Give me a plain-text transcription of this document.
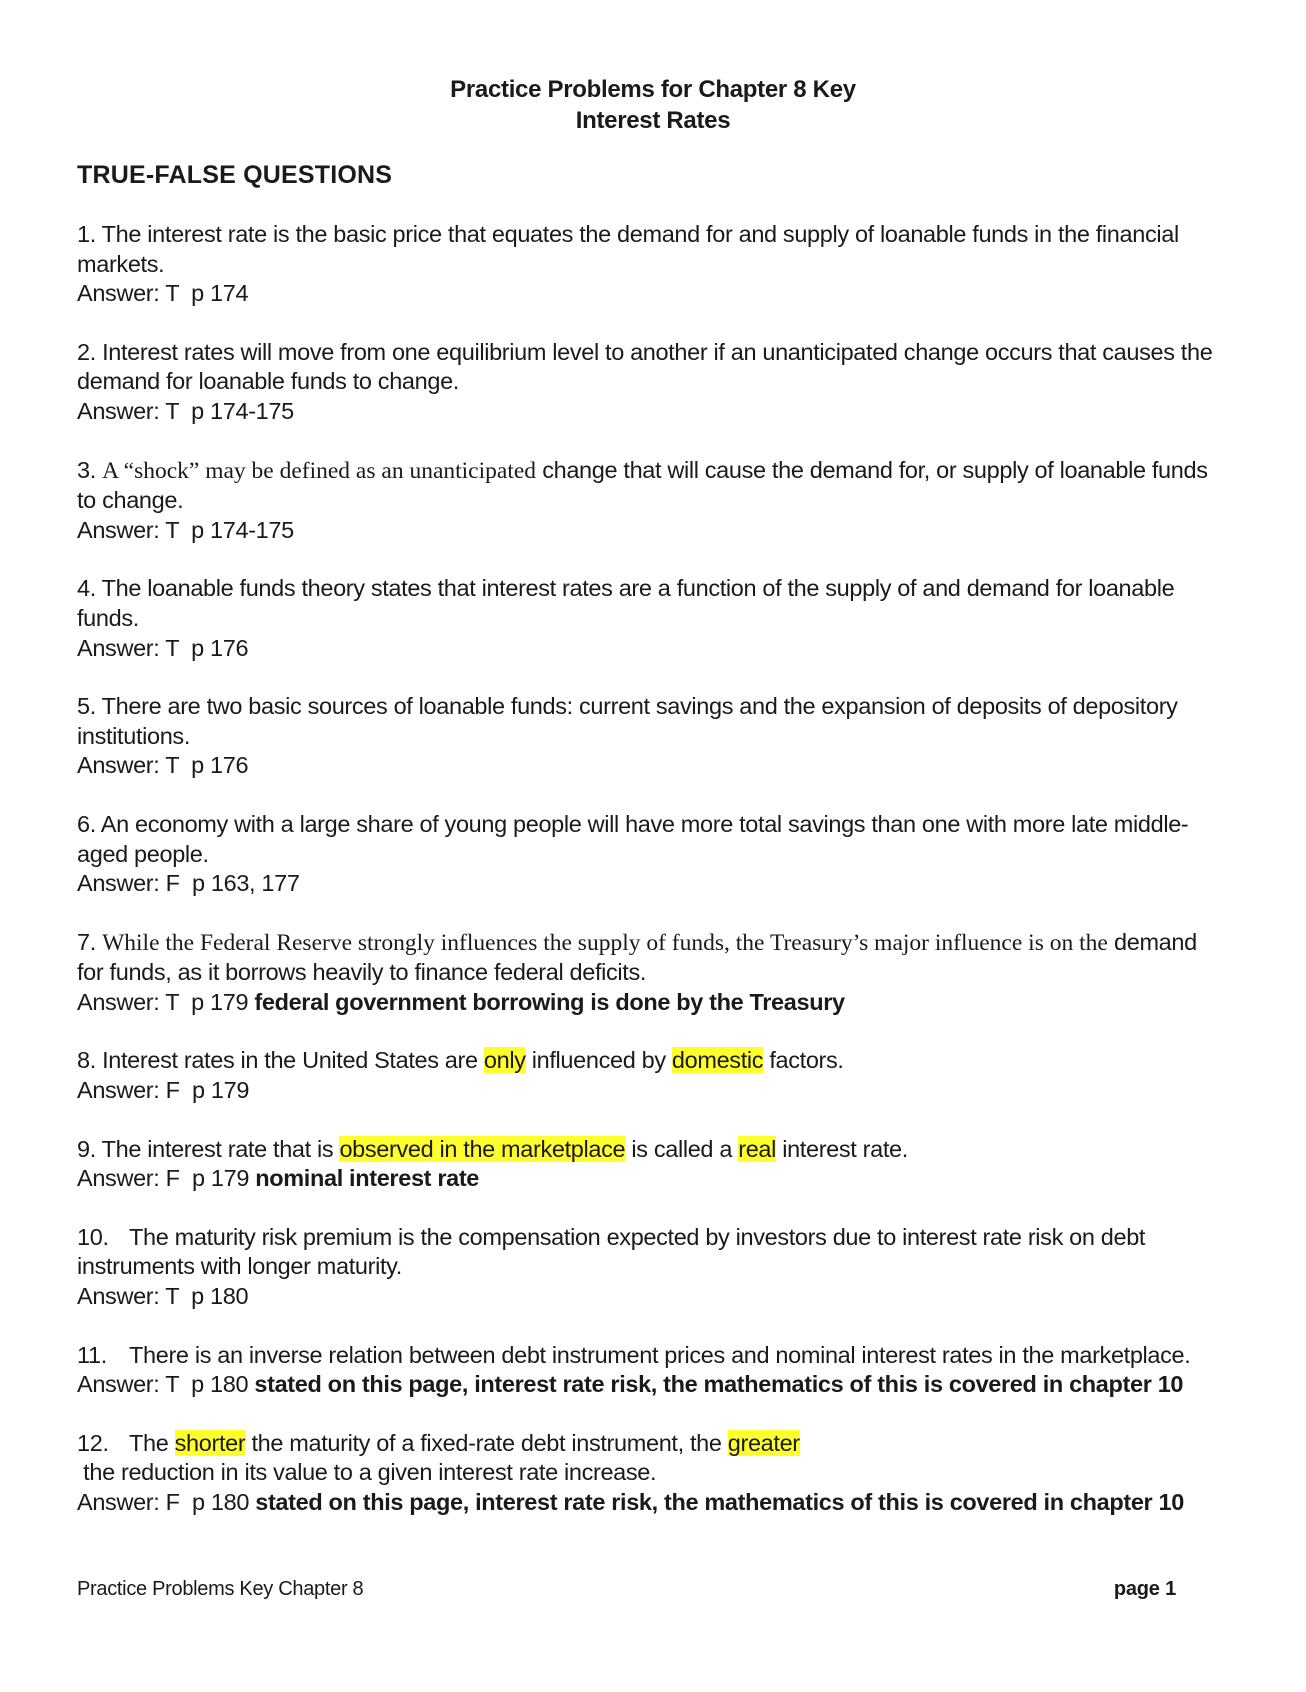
Practice Problems for Chapter 8 Key
Interest Rates
TRUE-FALSE QUESTIONS
1. The interest rate is the basic price that equates the demand for and supply of loanable funds in the financial markets.
Answer: T  p 174
2. Interest rates will move from one equilibrium level to another if an unanticipated change occurs that causes the demand for loanable funds to change.
Answer: T  p 174-175
3. A “shock” may be defined as an unanticipated change that will cause the demand for, or supply of loanable funds to change.
Answer: T  p 174-175
4. The loanable funds theory states that interest rates are a function of the supply of and demand for loanable funds.
Answer: T  p 176
5. There are two basic sources of loanable funds: current savings and the expansion of deposits of depository institutions.
Answer: T  p 176
6. An economy with a large share of young people will have more total savings than one with more late middle-aged people.
Answer: F  p 163, 177
7. While the Federal Reserve strongly influences the supply of funds, the Treasury’s major influence is on the demand for funds, as it borrows heavily to finance federal deficits.
Answer: T  p 179 federal government borrowing is done by the Treasury
8. Interest rates in the United States are only influenced by domestic factors.
Answer: F  p 179
9. The interest rate that is observed in the marketplace is called a real interest rate.
Answer: F  p 179 nominal interest rate
10. The maturity risk premium is the compensation expected by investors due to interest rate risk on debt instruments with longer maturity.
Answer: T  p 180
11. There is an inverse relation between debt instrument prices and nominal interest rates in the marketplace.
Answer: T  p 180 stated on this page, interest rate risk, the mathematics of this is covered in chapter 10
12. The shorter the maturity of a fixed-rate debt instrument, the greater the reduction in its value to a given interest rate increase.
Answer: F  p 180 stated on this page, interest rate risk, the mathematics of this is covered in chapter 10
Practice Problems Key Chapter 8	page 1
